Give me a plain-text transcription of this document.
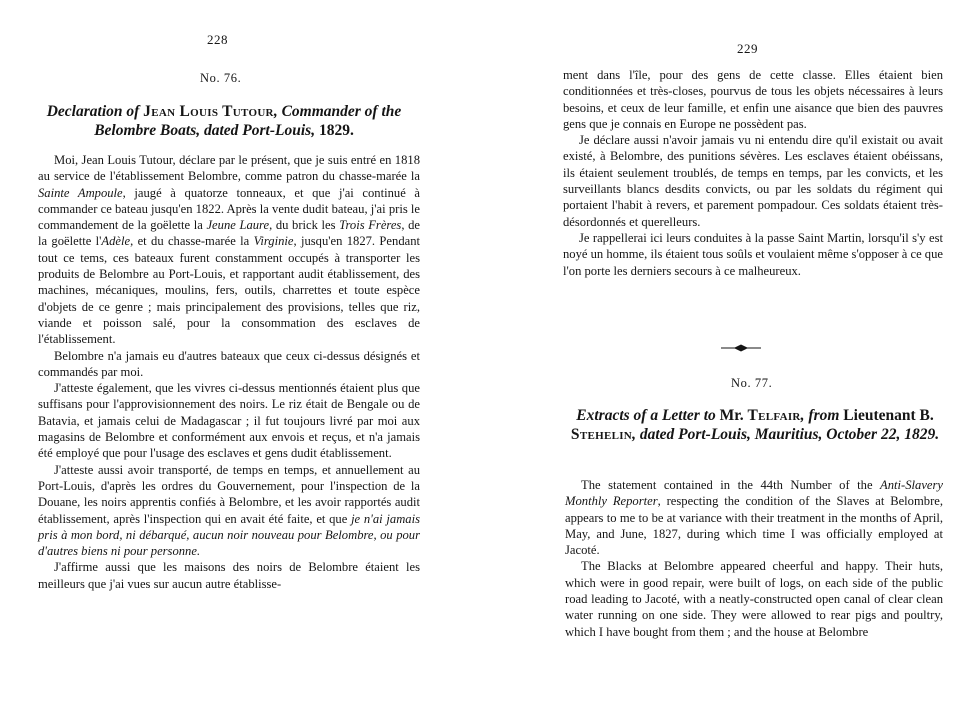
228
No. 76.
Declaration of Jean Louis Tutour, Commander of the Belombre Boats, dated Port-Louis, 1829.

Moi, Jean Louis Tutour, déclare par le présent, que je suis entré en 1818 au service de l'établissement Belombre, comme patron du chasse-marée la Sainte Ampoule, jaugé à quatorze tonneaux, et que j'ai continué à commander ce bateau jusqu'en 1822. Après la vente dudit bateau, j'ai pris le commandement de la goëlette la Jeune Laure, du brick les Trois Frères, de la goëlette l'Adèle, et du chasse-marée la Virginie, jusqu'en 1827. Pendant tout ce tems, ces bateaux furent constamment occupés à transporter les produits de Belombre au Port-Louis, et rapportant audit établissement, des machines, mécaniques, moulins, fers, outils, charrettes et toute espèce d'objets de ce genre ; mais principalement des provisions, telles que riz, viande et poisson salé, pour la consommation des esclaves de l'établissement.

Belombre n'a jamais eu d'autres bateaux que ceux ci-dessus désignés et commandés par moi.

J'atteste également, que les vivres ci-dessus mentionnés étaient plus que suffisans pour l'approvisionnement des noirs. Le riz était de Bengale ou de Batavia, et jamais celui de Madagascar ; il fut toujours livré par moi aux magasins de Belombre et conformément aux envois et reçus, et n'a jamais été employé que pour l'usage des esclaves et gens dudit établissement.

J'atteste aussi avoir transporté, de temps en temps, et annuellement au Port-Louis, d'après les ordres du Gouvernement, pour l'inspection de la Douane, les noirs apprentis confiés à Belombre, et les avoir rapportés audit établissement, après l'inspection qui en avait été faite, et que je n'ai jamais pris à mon bord, ni débarqué, aucun noir nouveau pour Belombre, ou pour d'autres biens ni pour personne.

J'affirme aussi que les maisons des noirs de Belombre étaient les meilleurs que j'ai vues sur aucun autre établisse-

229

ment dans l'île, pour des gens de cette classe. Elles étaient bien conditionnées et très-closes, pourvus de tous les objets nécessaires à leurs besoins, et ceux de leur famille, et enfin une aisance que bien des pauvres gens que je connais en Europe ne possèdent pas.

Je déclare aussi n'avoir jamais vu ni entendu dire qu'il existait ou avait existé, à Belombre, des punitions sévères. Les esclaves étaient obéissans, ils étaient seulement troublés, de temps en temps, par les convicts, et les surveillants blancs desdits convicts, ou par les soldats du régiment qui portaient l'habit à revers, et parement pompadour. Ces soldats étaient très-désordonnés et querelleurs.

Je rappellerai ici leurs conduites à la passe Saint Martin, lorsqu'il s'y est noyé un homme, ils étaient tous soûls et voulaient même s'opposer à ce que l'on porte les derniers secours à ce malheureux.

No. 77.
Extracts of a Letter to Mr. Telfair, from Lieutenant B. Stehelin, dated Port-Louis, Mauritius, October 22, 1829.

The statement contained in the 44th Number of the Anti-Slavery Monthly Reporter, respecting the condition of the Slaves at Belombre, appears to me to be at variance with their treatment in the months of April, May, and June, 1827, during which time I was officially employed at Jacoté.

The Blacks at Belombre appeared cheerful and happy. Their huts, which were in good repair, were built of logs, on each side of the public road leading to Jacoté, with a neatly-constructed open canal of clear clean water running on one side. They were allowed to rear pigs and poultry, which I have bought from them ; and the house at Belombre
